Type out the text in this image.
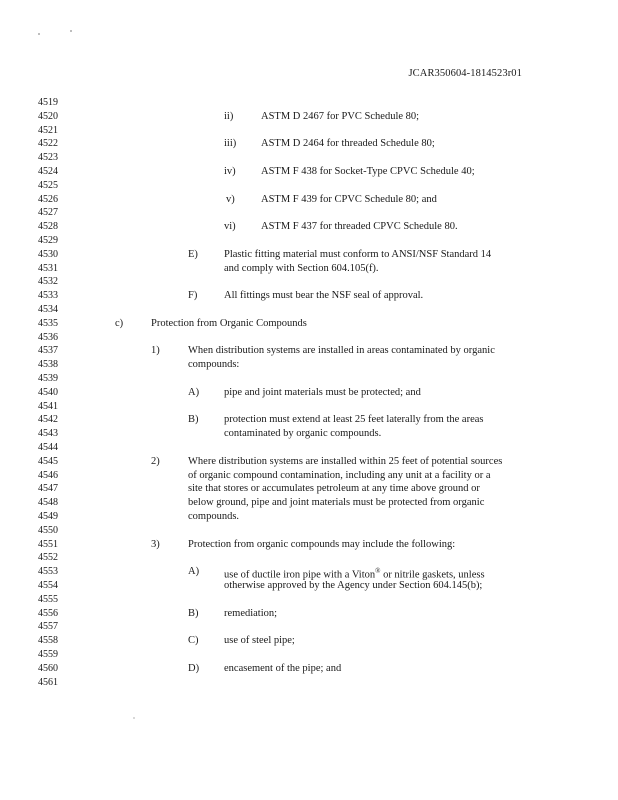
JCAR350604-1814523r01
4519
4520
4521
4522
4523
4524
4525
4526
4527
4528
4529
4530
4531
4532
4533
4534
4535
4536
4537
4538
4539
4540
4541
4542
4543
4544
4545
4546
4547
4548
4549
4550
4551
4552
4553
4554
4555
4556
4557
4558
4559
4560
4561
ii)	ASTM D 2467 for PVC Schedule 80;
iii) ASTM D 2464 for threaded Schedule 80;
iv) ASTM F 438 for Socket-Type CPVC Schedule 40;
v)	ASTM F 439 for CPVC Schedule 80; and
vi) ASTM F 437 for threaded CPVC Schedule 80.
E) Plastic fitting material must conform to ANSI/NSF Standard 14
and comply with Section 604.105(f).
F)	All fittings must bear the NSF seal of approval.
c)	Protection from Organic Compounds
1)	When distribution systems are installed in areas contaminated by organic
compounds:
A) pipe and joint materials must be protected; and
B) protection must extend at least 25 feet laterally from the areas
contaminated by organic compounds.
2)	Where distribution systems are installed within 25 feet of potential sources
of organic compound contamination, including any unit at a facility or a
site that stores or accumulates petroleum at any time above ground or
below ground, pipe and joint materials must be protected from organic
compounds.
3)	Protection from organic compounds may include the following:
A) use of ductile iron pipe with a Viton® or nitrile gaskets, unless
otherwise approved by the Agency under Section 604.145(b);
B) remediation;
C) use of steel pipe;
D) encasement of the pipe; and
